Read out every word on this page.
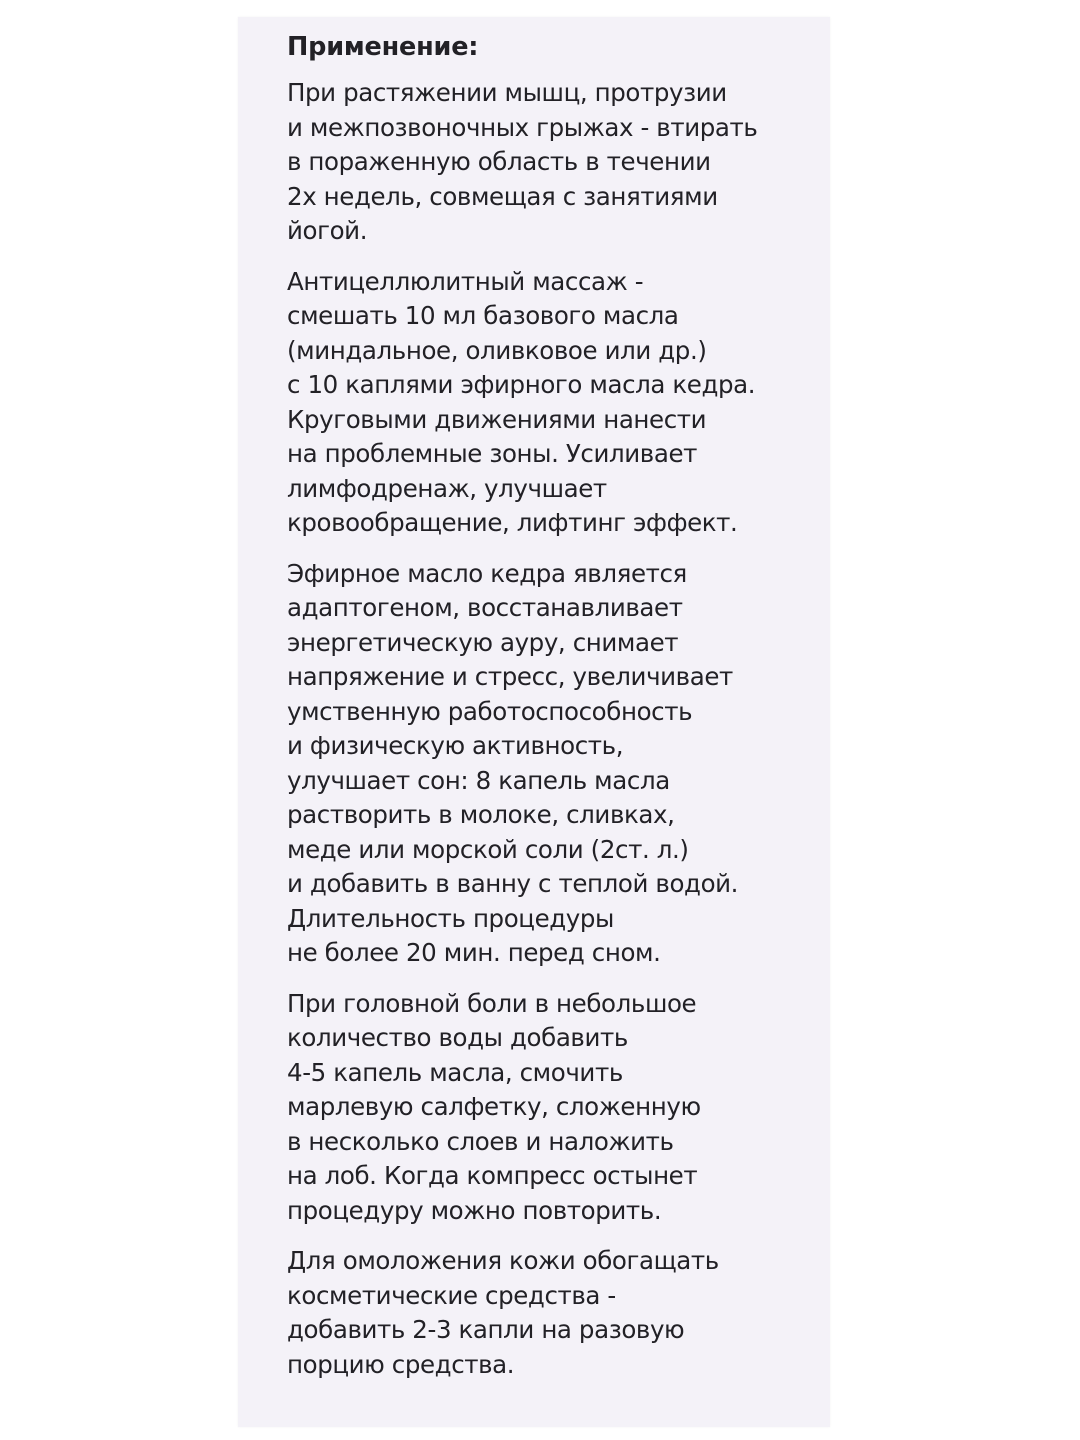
Применение:
При растяжении мышц, протрузии
и межпозвоночных грыжах - втирать
в пораженную область в течении
2х недель, совмещая с занятиями
йогой.
Антицеллюлитный массаж -
смешать 10 мл базового масла
(миндальное, оливковое или др.)
с 10 каплями эфирного масла кедра.
Круговыми движениями нанести
на проблемные зоны. Усиливает
лимфодренаж, улучшает
кровообращение, лифтинг эффект.
Эфирное масло кедра является
адаптогеном, восстанавливает
энергетическую ауру, снимает
напряжение и стресс, увеличивает
умственную работоспособность
и физическую активность,
улучшает сон: 8 капель масла
растворить в молоке, сливках,
меде или морской соли (2ст. л.)
и добавить в ванну с теплой водой.
Длительность процедуры
не более 20 мин. перед сном.
При головной боли в небольшое
количество воды добавить
4-5 капель масла, смочить
марлевую салфетку, сложенную
в несколько слоев и наложить
на лоб. Когда компресс остынет
процедуру можно повторить.
Для омоложения кожи обогащать
косметические средства -
добавить 2-3 капли на разовую
порцию средства.
